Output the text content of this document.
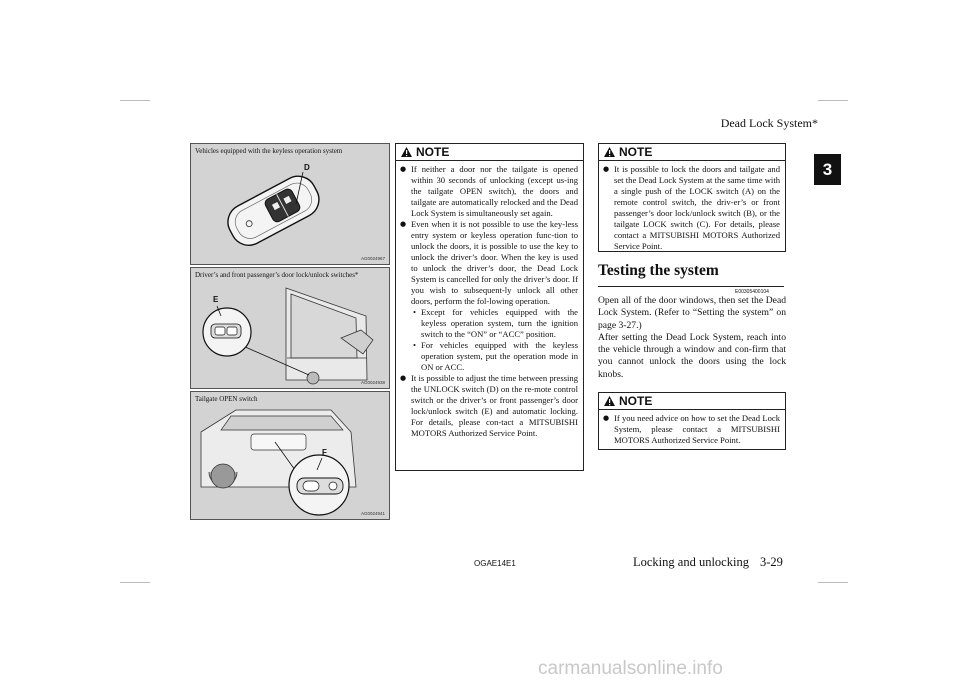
Dead Lock System*
3
Vehicles equipped with the keyless operation system
D
AG0024967
Driver’s and front passenger’s door lock/unlock switches*
E
AG0024938
Tailgate OPEN switch
F
AG0024941
NOTE
● If neither a door nor the tailgate is opened within 30 seconds of unlocking (except us-ing the tailgate OPEN switch), the doors and tailgate are automatically relocked and the Dead Lock System is simultaneously set again.
● Even when it is not possible to use the key-less entry system or keyless operation func-tion to unlock the doors, it is possible to use the key to unlock the driver’s door. When the key is used to unlock the driver’s door, the Dead Lock System is cancelled for only the driver’s door. If you wish to subsequent-ly unlock all other doors, perform the fol-lowing operation.
• Except for vehicles equipped with the keyless operation system, turn the ignition switch to the “ON” or “ACC” position.
• For vehicles equipped with the keyless operation system, put the operation mode in ON or ACC.
● It is possible to adjust the time between pressing the UNLOCK switch (D) on the re-mote control switch or the driver’s or front passenger’s door lock/unlock switch (E) and automatic locking. For details, please con-tact a MITSUBISHI MOTORS Authorized Service Point.
NOTE
● It is possible to lock the doors and tailgate and set the Dead Lock System at the same time with a single push of the LOCK switch (A) on the remote control switch, the driv-er’s or front passenger’s door lock/unlock switch (B), or the tailgate LOCK switch (C). For details, please contact a MITSUBISHI MOTORS Authorized Service Point.
Testing the system
E00305400104

Open all of the door windows, then set the Dead Lock System. (Refer to “Setting the system” on page 3-27.)

After setting the Dead Lock System, reach into the vehicle through a window and con-firm that you cannot unlock the doors using the lock knobs.

NOTE
● If you need advice on how to set the Dead Lock System, please contact a MITSUBISHI MOTORS Authorized Service Point.
OGAE14E1	Locking and unlocking 3-29
carmanualsonline.info
